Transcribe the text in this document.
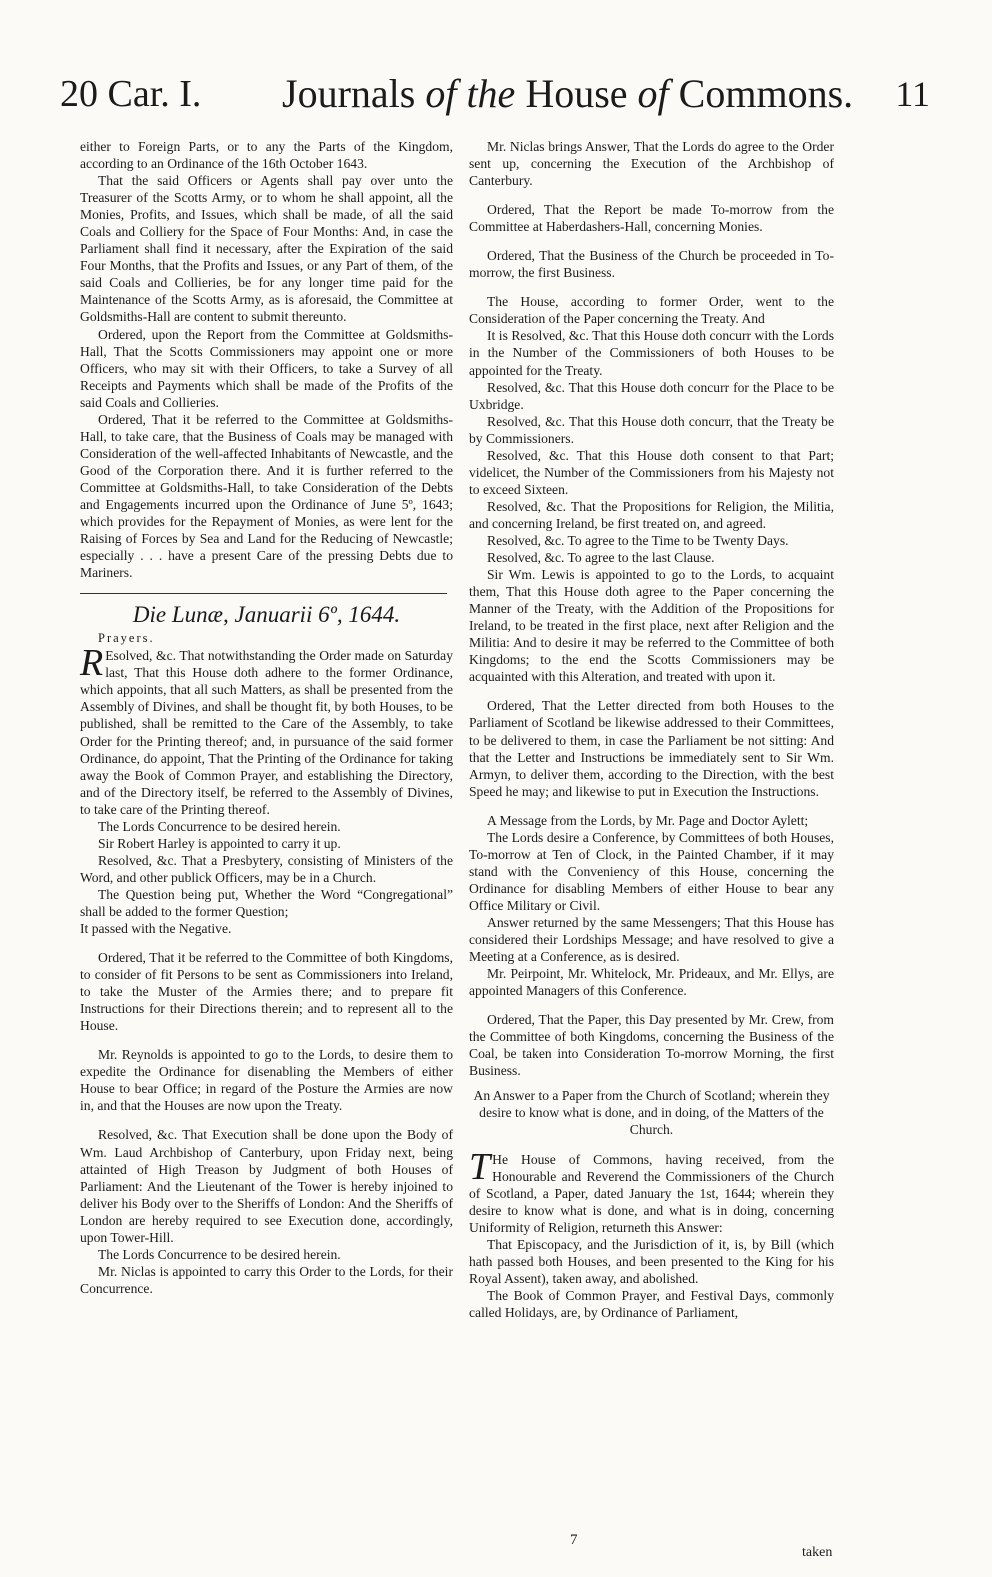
20 Car. I. Journals of the House of Commons. 11

either to Foreign Parts, or to any the Parts of the Kingdom, according to an Ordinance of the 16th October 1643.

That the said Officers or Agents shall pay over unto the Treasurer of the Scotts Army, or to whom he shall appoint, all the Monies, Profits, and Issues, which shall be made, of all the said Coals and Colliery for the Space of Four Months: And, in case the Parliament shall find it necessary, after the Expiration of the said Four Months, that the Profits and Issues, or any Part of them, of the said Coals and Collieries, be for any longer time paid for the Maintenance of the Scotts Army, as is aforesaid, the Committee at Goldsmiths-Hall are content to submit thereunto.

Ordered, upon the Report from the Committee at Goldsmiths-Hall, That the Scotts Commissioners may appoint one or more Officers, who may sit with their Officers, to take a Survey of all Receipts and Payments which shall be made of the Profits of the said Coals and Collieries.

Ordered, That it be referred to the Committee at Goldsmiths-Hall, to take care, that the Business of Coals may be managed with Consideration of the well-affected Inhabitants of Newcastle, and the Good of the Corporation there. And it is further referred to the Committee at Goldsmiths-Hall, to take Consideration of the Debts and Engagements incurred upon the Ordinance of June 5º, 1643; which provides for the Repayment of Monies, as were lent for the Raising of Forces by Sea and Land for the Reducing of Newcastle; especially . . . have a present Care of the pressing Debts due to Mariners.

Die Lunæ, Januarii 6º, 1644.

Prayers.

R Esolved, &c. That notwithstanding the Order made on Saturday last, That this House doth adhere to the former Ordinance, which appoints, that all such Matters, as shall be presented from the Assembly of Divines, and shall be thought fit, by both Houses, to be published, shall be remitted to the Care of the Assembly, to take Order for the Printing thereof; and, in pursuance of the said former Ordinance, do appoint, That the Printing of the Ordinance for taking away the Book of Common Prayer, and establishing the Directory, and of the Directory itself, be referred to the Assembly of Divines, to take care of the Printing thereof.

The Lords Concurrence to be desired herein.

Sir Robert Harley is appointed to carry it up.

Resolved, &c. That a Presbytery, consisting of Ministers of the Word, and other publick Officers, may be in a Church.

The Question being put, Whether the Word “Congregational” shall be added to the former Question;

It passed with the Negative.

Ordered, That it be referred to the Committee of both Kingdoms, to consider of fit Persons to be sent as Commissioners into Ireland, to take the Muster of the Armies there; and to prepare fit Instructions for their Directions therein; and to represent all to the House.

Mr. Reynolds is appointed to go to the Lords, to desire them to expedite the Ordinance for disenabling the Members of either House to bear Office; in regard of the Posture the Armies are now in, and that the Houses are now upon the Treaty.

Resolved, &c. That Execution shall be done upon the Body of Wm. Laud Archbishop of Canterbury, upon Friday next, being attainted of High Treason by Judgment of both Houses of Parliament: And the Lieutenant of the Tower is hereby injoined to deliver his Body over to the Sheriffs of London: And the Sheriffs of London are hereby required to see Execution done, accordingly, upon Tower-Hill.

The Lords Concurrence to be desired herein.

Mr. Niclas is appointed to carry this Order to the Lords, for their Concurrence.

Mr. Niclas brings Answer, That the Lords do agree to the Order sent up, concerning the Execution of the Archbishop of Canterbury.

Ordered, That the Report be made To-morrow from the Committee at Haberdashers-Hall, concerning Monies.

Ordered, That the Business of the Church be proceeded in To-morrow, the first Business.

The House, according to former Order, went to the Consideration of the Paper concerning the Treaty. And

It is Resolved, &c. That this House doth concurr with the Lords in the Number of the Commissioners of both Houses to be appointed for the Treaty.

Resolved, &c. That this House doth concurr for the Place to be Uxbridge.

Resolved, &c. That this House doth concurr, that the Treaty be by Commissioners.

Resolved, &c. That this House doth consent to that Part; videlicet, the Number of the Commissioners from his Majesty not to exceed Sixteen.

Resolved, &c. That the Propositions for Religion, the Militia, and concerning Ireland, be first treated on, and agreed.

Resolved, &c. To agree to the Time to be Twenty Days.

Resolved, &c. To agree to the last Clause.

Sir Wm. Lewis is appointed to go to the Lords, to acquaint them, That this House doth agree to the Paper concerning the Manner of the Treaty, with the Addition of the Propositions for Ireland, to be treated in the first place, next after Religion and the Militia: And to desire it may be referred to the Committee of both Kingdoms; to the end the Scotts Commissioners may be acquainted with this Alteration, and treated with upon it.

Ordered, That the Letter directed from both Houses to the Parliament of Scotland be likewise addressed to their Committees, to be delivered to them, in case the Parliament be not sitting: And that the Letter and Instructions be immediately sent to Sir Wm. Armyn, to deliver them, according to the Direction, with the best Speed he may; and likewise to put in Execution the Instructions.

A Message from the Lords, by Mr. Page and Doctor Aylett;

The Lords desire a Conference, by Committees of both Houses, To-morrow at Ten of Clock, in the Painted Chamber, if it may stand with the Conveniency of this House, concerning the Ordinance for disabling Members of either House to bear any Office Military or Civil.

Answer returned by the same Messengers; That this House has considered their Lordships Message; and have resolved to give a Meeting at a Conference, as is desired.

Mr. Peirpoint, Mr. Whitelock, Mr. Prideaux, and Mr. Ellys, are appointed Managers of this Conference.

Ordered, That the Paper, this Day presented by Mr. Crew, from the Committee of both Kingdoms, concerning the Business of the Coal, be taken into Consideration To-morrow Morning, the first Business.

An Answer to a Paper from the Church of Scotland; wherein they desire to know what is done, and in doing, of the Matters of the Church.

T He House of Commons, having received, from the Honourable and Reverend the Commissioners of the Church of Scotland, a Paper, dated January the 1st, 1644; wherein they desire to know what is done, and what is in doing, concerning Uniformity of Religion, returneth this Answer:

That Episcopacy, and the Jurisdiction of it, is, by Bill (which hath passed both Houses, and been presented to the King for his Royal Assent), taken away, and abolished.

The Book of Common Prayer, and Festival Days, commonly called Holidays, are, by Ordinance of Parliament,

7
taken
